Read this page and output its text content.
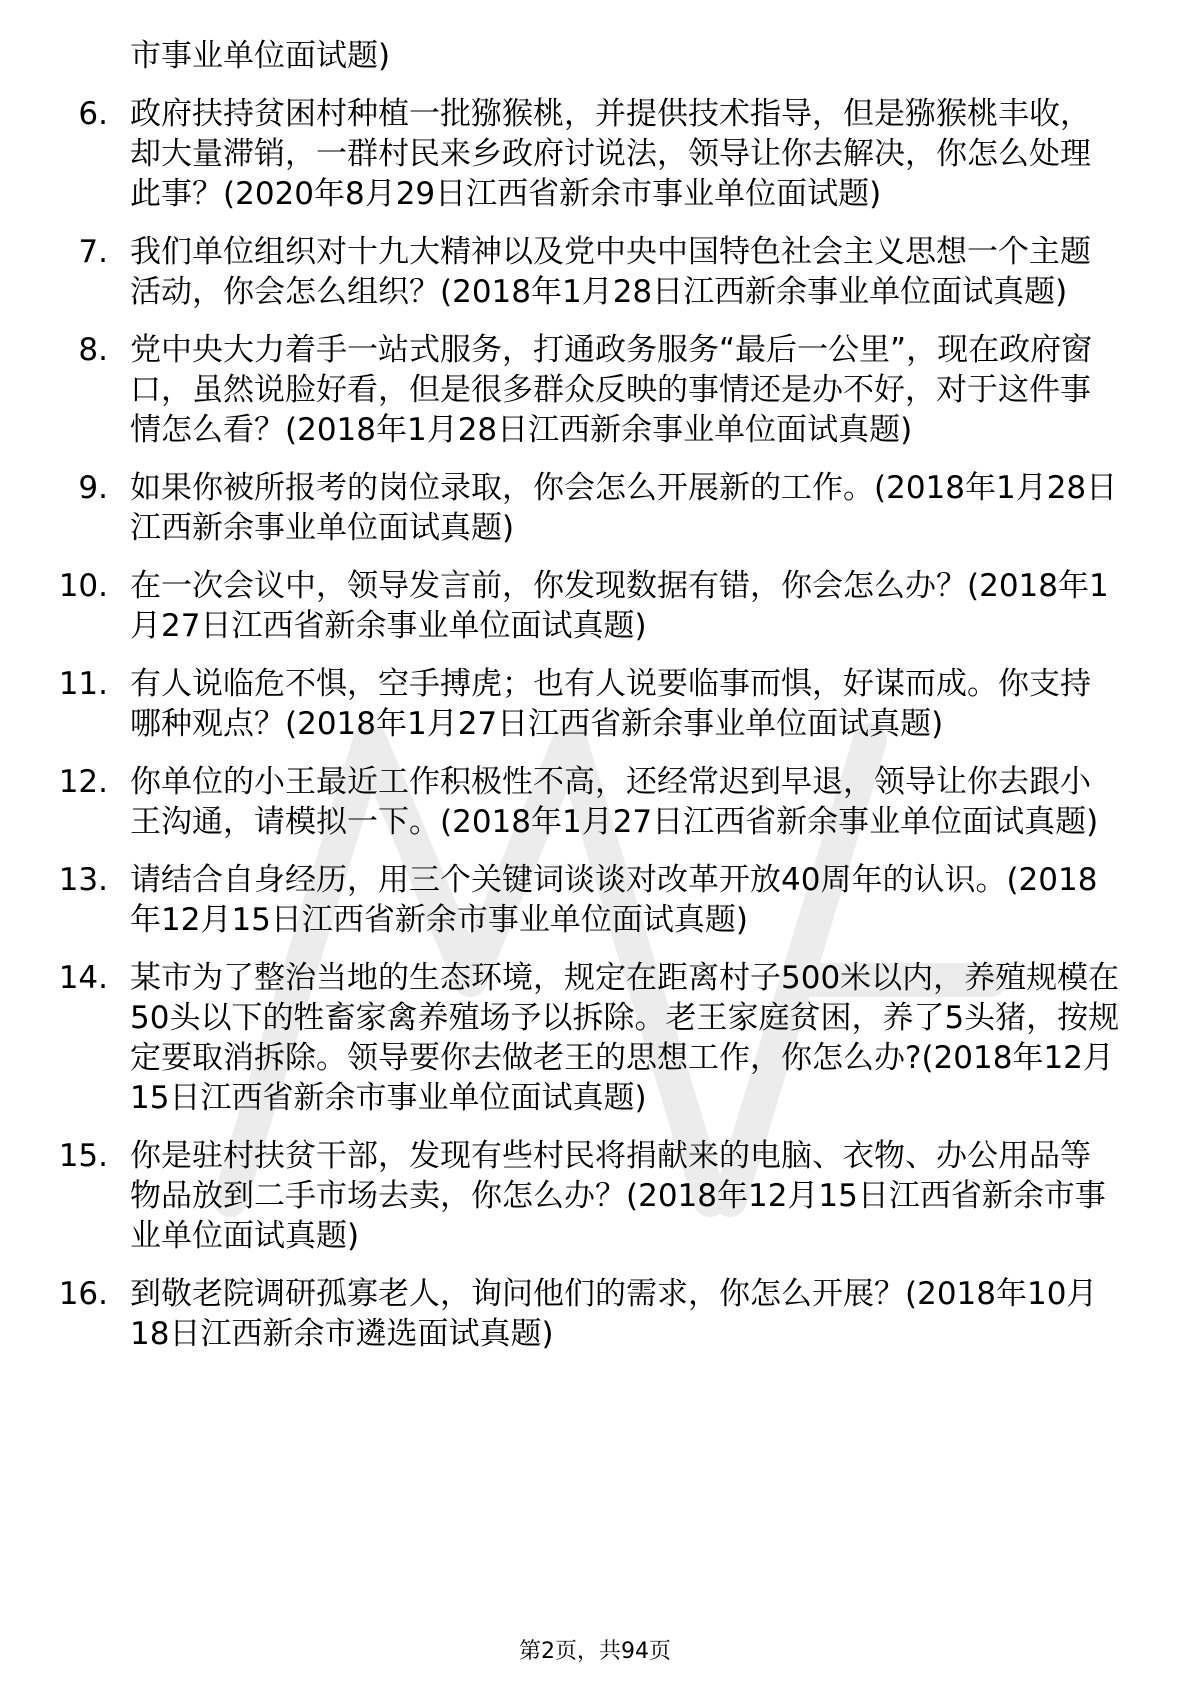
市事业单位面试题)
6. 政府扶持贫困村种植一批猕猴桃，并提供技术指导，但是猕猴桃丰收，却大量滞销，一群村民来乡政府讨说法，领导让你去解决，你怎么处理此事？(2020年8月29日江西省新余市事业单位面试题)
7. 我们单位组织对十九大精神以及党中央中国特色社会主义思想一个主题活动，你会怎么组织？(2018年1月28日江西新余事业单位面试真题)
8. 党中央大力着手一站式服务，打通政务服务“最后一公里”，现在政府窗口，虽然说脸好看，但是很多群众反映的事情还是办不好，对于这件事情怎么看？(2018年1月28日江西新余事业单位面试真题)
9. 如果你被所报考的岗位录取，你会怎么开展新的工作。(2018年1月28日江西新余事业单位面试真题)
10. 在一次会议中，领导发言前，你发现数据有错，你会怎么办？(2018年1月27日江西省新余事业单位面试真题)
11. 有人说临危不惧，空手搏虎；也有人说要临事而惧，好谋而成。你支持哪种观点？(2018年1月27日江西省新余事业单位面试真题)
12. 你单位的小王最近工作积极性不高，还经常迟到早退，领导让你去跟小王沟通，请模拟一下。(2018年1月27日江西省新余事业单位面试真题)
13. 请结合自身经历，用三个关键词谈谈对改革开放40周年的认识。(2018年12月15日江西省新余市事业单位面试真题)
14. 某市为了整治当地的生态环境，规定在距离村子500米以内，养殖规模在50头以下的牲畜家禽养殖场予以拆除。老王家庭贫困，养了5头猪，按规定要取消拆除。领导要你去做老王的思想工作，你怎么办?(2018年12月15日江西省新余市事业单位面试真题)
15. 你是驻村扶贫干部，发现有些村民将捐献来的电脑、衣物、办公用品等物品放到二手市场去卖，你怎么办？(2018年12月15日江西省新余市事业单位面试真题)
16. 到敬老院调研孤寡老人，询问他们的需求，你怎么开展？(2018年10月18日江西新余市遴选面试真题)
第2页，共94页
